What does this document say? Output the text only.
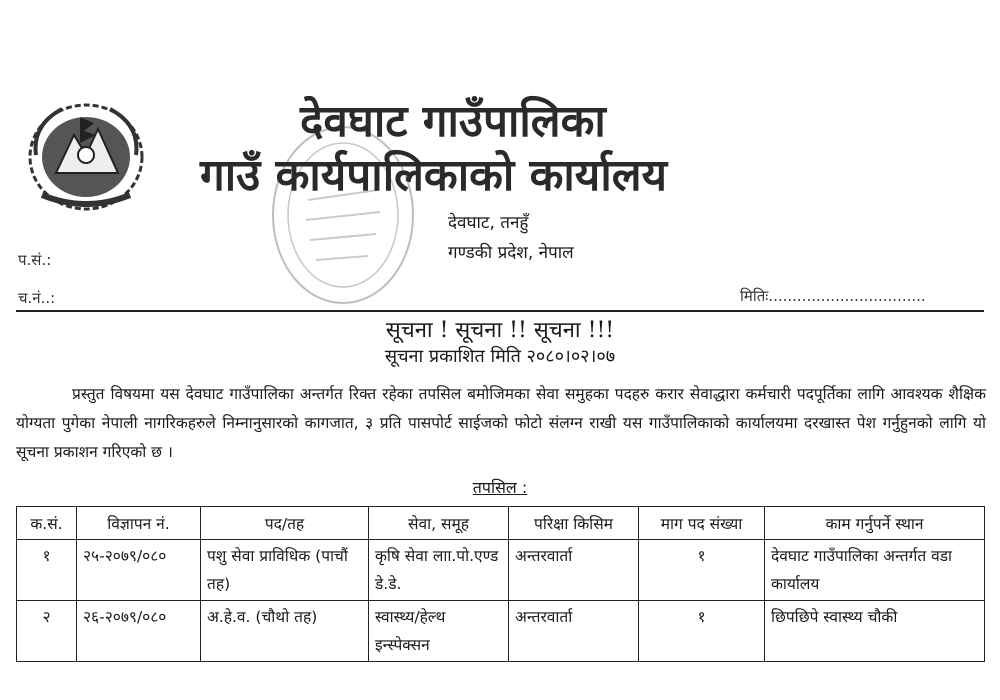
देवघाट गाउँपालिका
गाउँ कार्यपालिकाको कार्यालय
देवघाट, तनहुँ
गण्डकी प्रदेश, नेपाल
प.सं.:
च.नं..:	मितिः.................................
सूचना ! सूचना !! सूचना !!!
सूचना प्रकाशित मिति २०८०।०२।०७
प्रस्तुत विषयमा यस देवघाट गाउँपालिका अन्तर्गत रिक्त रहेका तपसिल बमोजिमका सेवा समुहका पदहरु करार सेवाद्धारा कर्मचारी पदपूर्तिका लागि आवश्यक शैक्षिक योग्यता पुगेका नेपाली नागरिकहरुले निम्नानुसारको कागजात, ३ प्रति पासपोर्ट साईजको फोटो संलग्न राखी यस गाउँपालिकाको कार्यालयमा दरखास्त पेश गर्नुहुनको लागि यो सूचना प्रकाशन गरिएको छ ।
तपसिल :
क.सं.	विज्ञापन नं.	पद/तह	सेवा, समूह	परिक्षा किसिम	माग पद संख्या	काम गर्नुपर्ने स्थान
१	२५-२०७९/०८०	पशु सेवा प्राविधिक (पाचौं तह)	कृषि सेवा लाा.पो.एण्ड डे.डे.	अन्तरवार्ता	१	देवघाट गाउँपालिका अन्तर्गत वडा कार्यालय
२	२६-२०७९/०८०	अ.हे.व. (चौथो तह)	स्वास्थ्य/हेल्थ इन्स्पेक्सन	अन्तरवार्ता	१	छिपछिपे स्वास्थ्य चौकी
